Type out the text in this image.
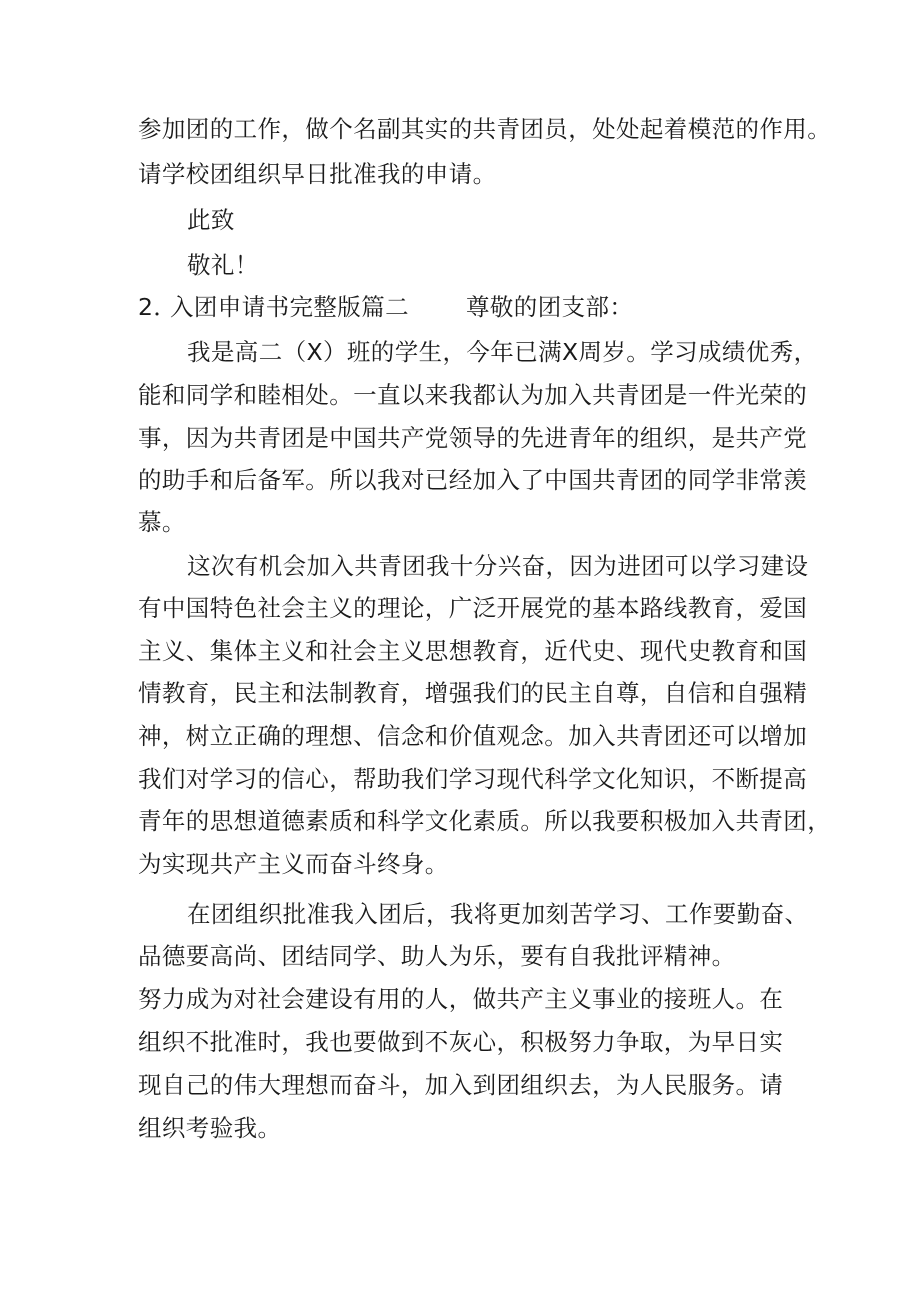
参加团的工作，做个名副其实的共青团员，处处起着模范的作用。
请学校团组织早日批准我的申请。
此致
敬礼！
2．
入团申请书完整版篇二 尊敬的团支部：
我是高二（X）班的学生，今年已满X周岁。学习成绩优秀，
能和同学和睦相处。一直以来我都认为加入共青团是一件光荣的
事，因为共青团是中国共产党领导的先进青年的组织，是共产党
的助手和后备军。所以我对已经加入了中国共青团的同学非常羡
慕。
这次有机会加入共青团我十分兴奋，因为进团可以学习建设
有中国特色社会主义的理论，广泛开展党的基本路线教育，爱国
主义、集体主义和社会主义思想教育，近代史、现代史教育和国
情教育，民主和法制教育，增强我们的民主自尊，自信和自强精
神，树立正确的理想、信念和价值观念。加入共青团还可以增加
我们对学习的信心，帮助我们学习现代科学文化知识，不断提高
青年的思想道德素质和科学文化素质。所以我要积极加入共青团，
为实现共产主义而奋斗终身。
在团组织批准我入团后，我将更加刻苦学习、工作要勤奋、
品德要高尚、团结同学、助人为乐，要有自我批评精神。
努力成为对社会建设有用的人，做共产主义事业的接班人。在
组织不批准时，我也要做到不灰心，积极努力争取，为早日实
现自己的伟大理想而奋斗，加入到团组织去，为人民服务。请
组织考验我。
